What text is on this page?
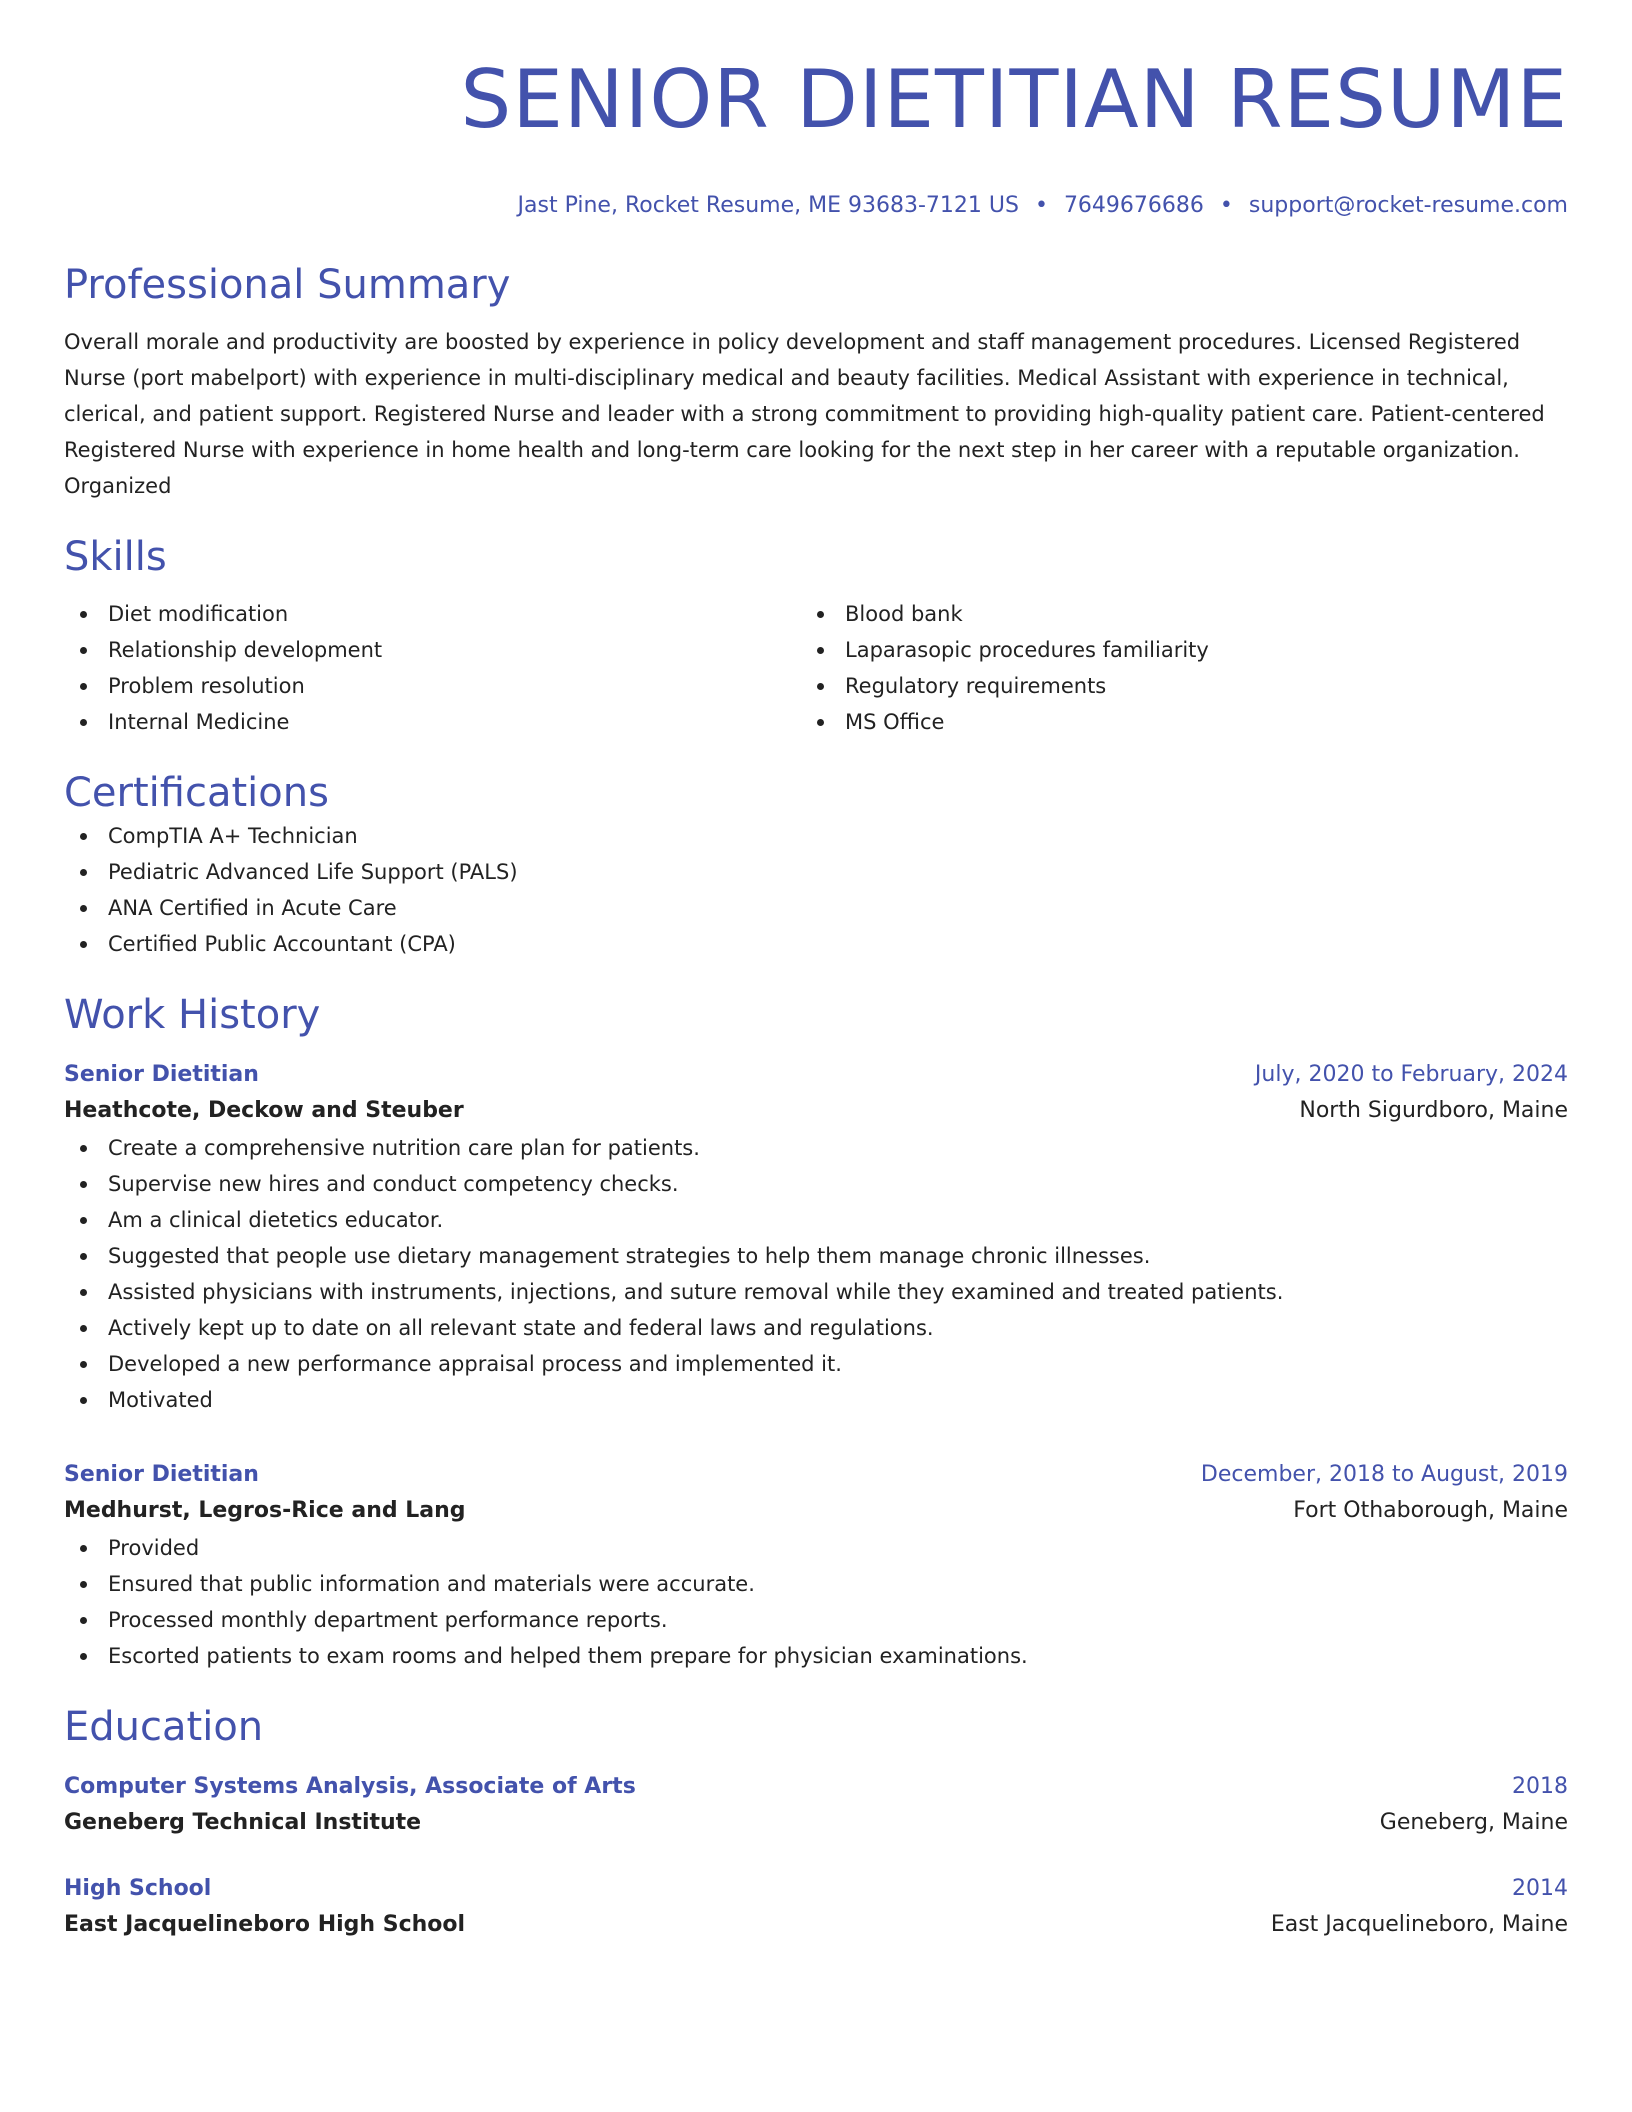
SENIOR DIETITIAN RESUME
Jast Pine, Rocket Resume, ME 93683-7121 US • 7649676686 • support@rocket-resume.com
Professional Summary
Overall morale and productivity are boosted by experience in policy development and staff management procedures. Licensed Registered Nurse (port mabelport) with experience in multi-disciplinary medical and beauty facilities. Medical Assistant with experience in technical, clerical, and patient support. Registered Nurse and leader with a strong commitment to providing high-quality patient care. Patient-centered Registered Nurse with experience in home health and long-term care looking for the next step in her career with a reputable organization. Organized
Skills
Diet modification
Relationship development
Problem resolution
Internal Medicine
Blood bank
Laparasopic procedures familiarity
Regulatory requirements
MS Office
Certifications
CompTIA A+ Technician
Pediatric Advanced Life Support (PALS)
ANA Certified in Acute Care
Certified Public Accountant (CPA)
Work History
Senior Dietitian	July, 2020 to February, 2024
Heathcote, Deckow and Steuber	North Sigurdboro, Maine
Create a comprehensive nutrition care plan for patients.
Supervise new hires and conduct competency checks.
Am a clinical dietetics educator.
Suggested that people use dietary management strategies to help them manage chronic illnesses.
Assisted physicians with instruments, injections, and suture removal while they examined and treated patients.
Actively kept up to date on all relevant state and federal laws and regulations.
Developed a new performance appraisal process and implemented it.
Motivated
Senior Dietitian	December, 2018 to August, 2019
Medhurst, Legros-Rice and Lang	Fort Othaborough, Maine
Provided
Ensured that public information and materials were accurate.
Processed monthly department performance reports.
Escorted patients to exam rooms and helped them prepare for physician examinations.
Education
Computer Systems Analysis, Associate of Arts	2018
Geneberg Technical Institute	Geneberg, Maine
High School	2014
East Jacquelineboro High School	East Jacquelineboro, Maine
